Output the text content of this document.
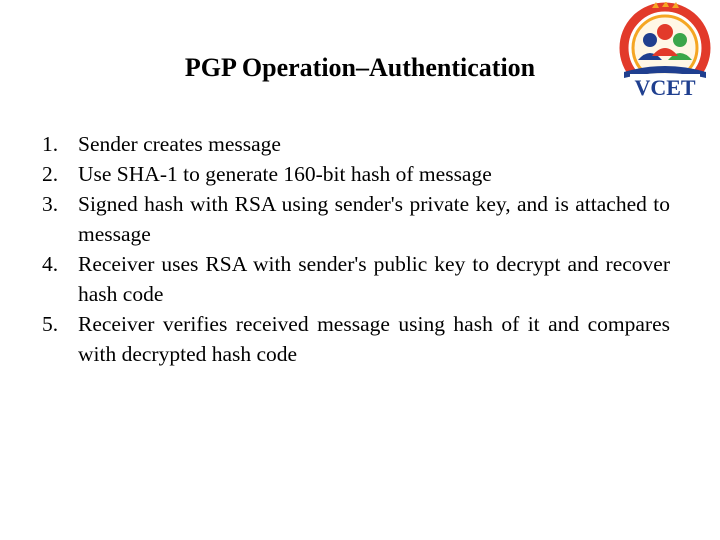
PGP Operation–Authentication
VCET
1. Sender creates message
2. Use SHA-1 to generate 160-bit hash of message
3. Signed hash with RSA using sender's private key, and is attached to message
4. Receiver uses RSA with sender's public key to decrypt and recover hash code
5. Receiver verifies received message using hash of it and compares with decrypted hash code
